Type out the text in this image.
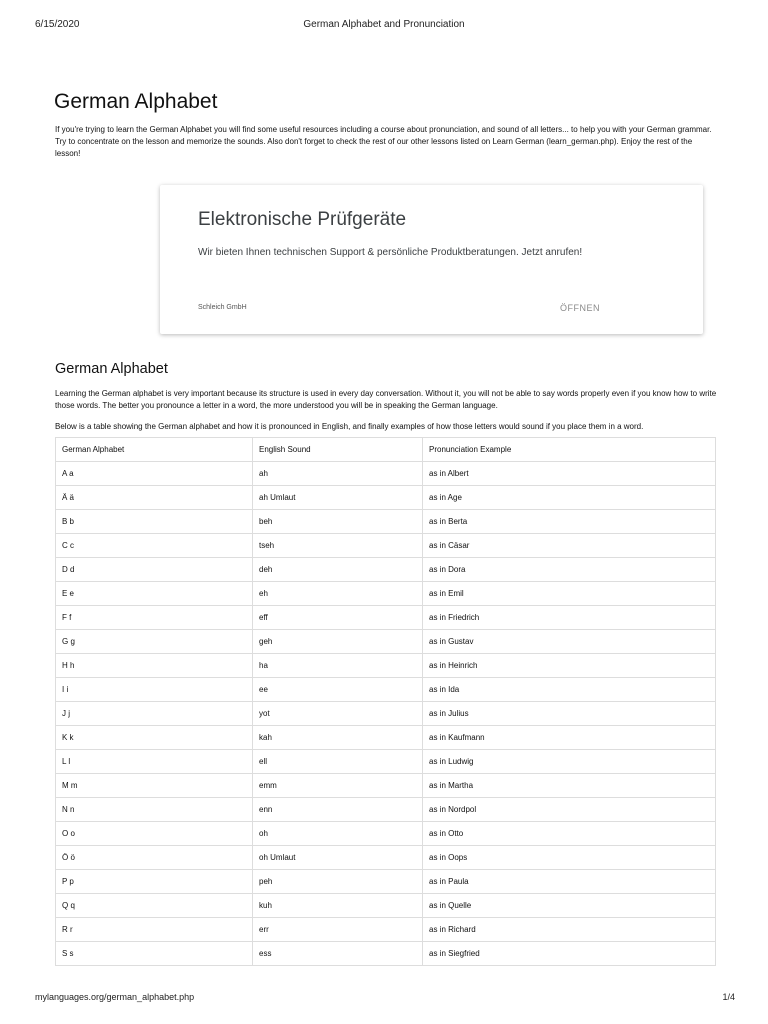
6/15/2020	German Alphabet and Pronunciation
German Alphabet

If you're trying to learn the German Alphabet you will find some useful resources including a course about pronunciation, and sound of all letters... to help you with your German grammar. Try to concentrate on the lesson and memorize the sounds. Also don't forget to check the rest of our other lessons listed on Learn German (learn_german.php). Enjoy the rest of the lesson!

Elektronische Prüfgeräte

Wir bieten Ihnen technischen Support & persönliche Produktberatungen. Jetzt anrufen!

Schleich GmbH	ÖFFNEN
German Alphabet

Learning the German alphabet is very important because its structure is used in every day conversation. Without it, you will not be able to say words properly even if you know how to write those words. The better you pronounce a letter in a word, the more understood you will be in speaking the German language.

Below is a table showing the German alphabet and how it is pronounced in English, and finally examples of how those letters would sound if you place them in a word.

German Alphabet	English Sound	Pronunciation Example
A a	ah	as in Albert
Ä ä	ah Umlaut	as in Age
B b	beh	as in Berta
C c	tseh	as in Cäsar
D d	deh	as in Dora
E e	eh	as in Emil
F f	eff	as in Friedrich
G g	geh	as in Gustav
H h	ha	as in Heinrich
I i	ee	as in Ida
J j	yot	as in Julius
K k	kah	as in Kaufmann
L l	ell	as in Ludwig
M m	emm	as in Martha
N n	enn	as in Nordpol
O o	oh	as in Otto
Ö ö	oh Umlaut	as in Oops
P p	peh	as in Paula
Q q	kuh	as in Quelle
R r	err	as in Richard
S s	ess	as in Siegfried
mylanguages.org/german_alphabet.php	1/4
